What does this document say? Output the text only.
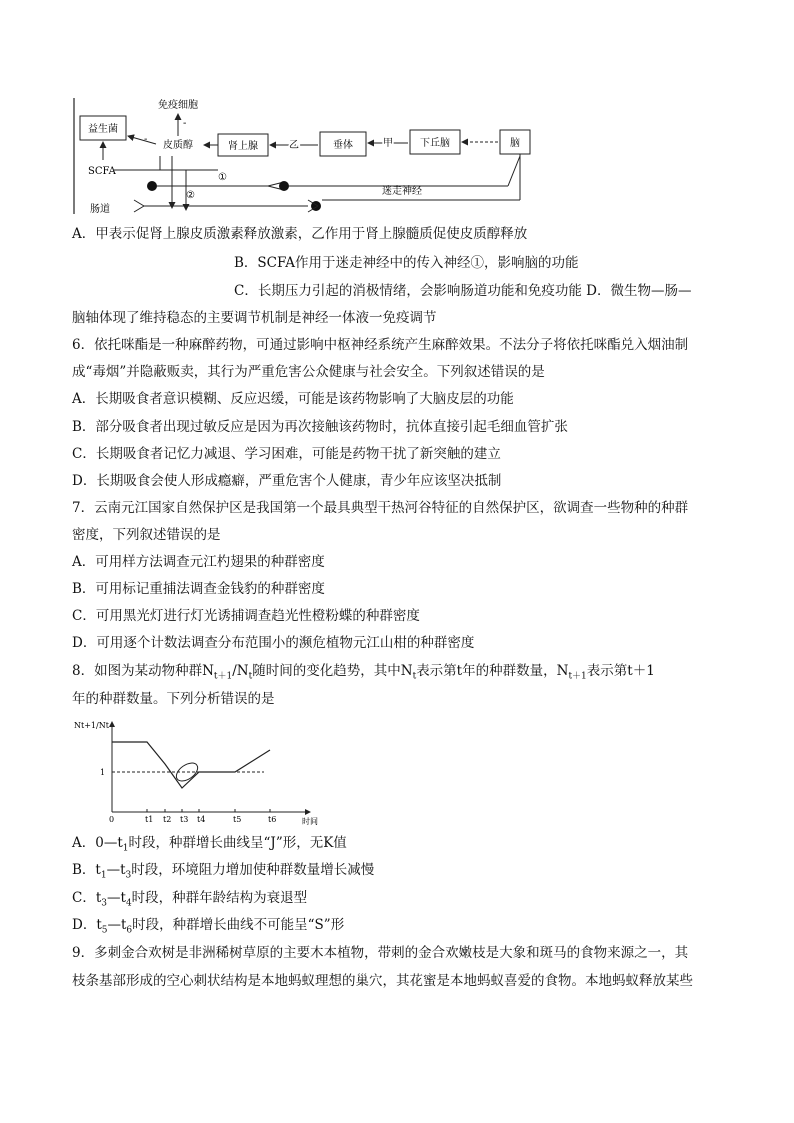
益生菌
免疫细胞
-
皮质醇
-
肾上腺	乙	垂体	甲	下丘脑	脑
SCFA
①
②	迷走神经
肠道
A．甲表示促肾上腺皮质激素释放激素，乙作用于肾上腺髓质促使皮质醇释放
B．SCFA作用于迷走神经中的传入神经①，影响脑的功能
C．长期压力引起的消极情绪，会影响肠道功能和免疫功能 D．微生物—肠—
脑轴体现了维持稳态的主要调节机制是神经一体液一免疫调节
6．依托咪酯是一种麻醉药物，可通过影响中枢神经系统产生麻醉效果。不法分子将依托咪酯兑入烟油制
成“毒烟”并隐蔽贩卖，其行为严重危害公众健康与社会安全。下列叙述错误的是
A．长期吸食者意识模糊、反应迟缓，可能是该药物影响了大脑皮层的功能
B．部分吸食者出现过敏反应是因为再次接触该药物时，抗体直接引起毛细血管扩张
C．长期吸食者记忆力减退、学习困难，可能是药物干扰了新突触的建立
D．长期吸食会使人形成瘾癖，严重危害个人健康，青少年应该坚决抵制
7．云南元江国家自然保护区是我国第一个最具典型干热河谷特征的自然保护区，欲调查一些物种的种群
密度，下列叙述错误的是
A．可用样方法调查元江杓翅果的种群密度
B．可用标记重捕法调查金钱豹的种群密度
C．可用黑光灯进行灯光诱捕调查趋光性橙粉蝶的种群密度
D．可用逐个计数法调查分布范围小的濒危植物元江山柑的种群密度
8．如图为某动物种群$N_{t+1}/N_t$随时间的变化趋势，其中$N_t$表示第t年的种群数量，$N_{t+1}$表示第t＋1
年的种群数量。下列分析错误的是
Nt+1/Nt
时间
0	t1 t2 t3 t4	t5	t6
1
A．$0—t_1$时段，种群增长曲线呈“J”形，无K值
B．$t_1—t_3$时段，环境阻力增加使种群数量增长减慢
C．$t_3—t_4$时段，种群年龄结构为衰退型
D．$t_5—t_6$时段，种群增长曲线不可能呈“S”形
9．多刺金合欢树是非洲稀树草原的主要木本植物，带刺的金合欢嫩枝是大象和斑马的食物来源之一，其
枝条基部形成的空心刺状结构是本地蚂蚁理想的巢穴，其花蜜是本地蚂蚁喜爱的食物。本地蚂蚁释放某些
